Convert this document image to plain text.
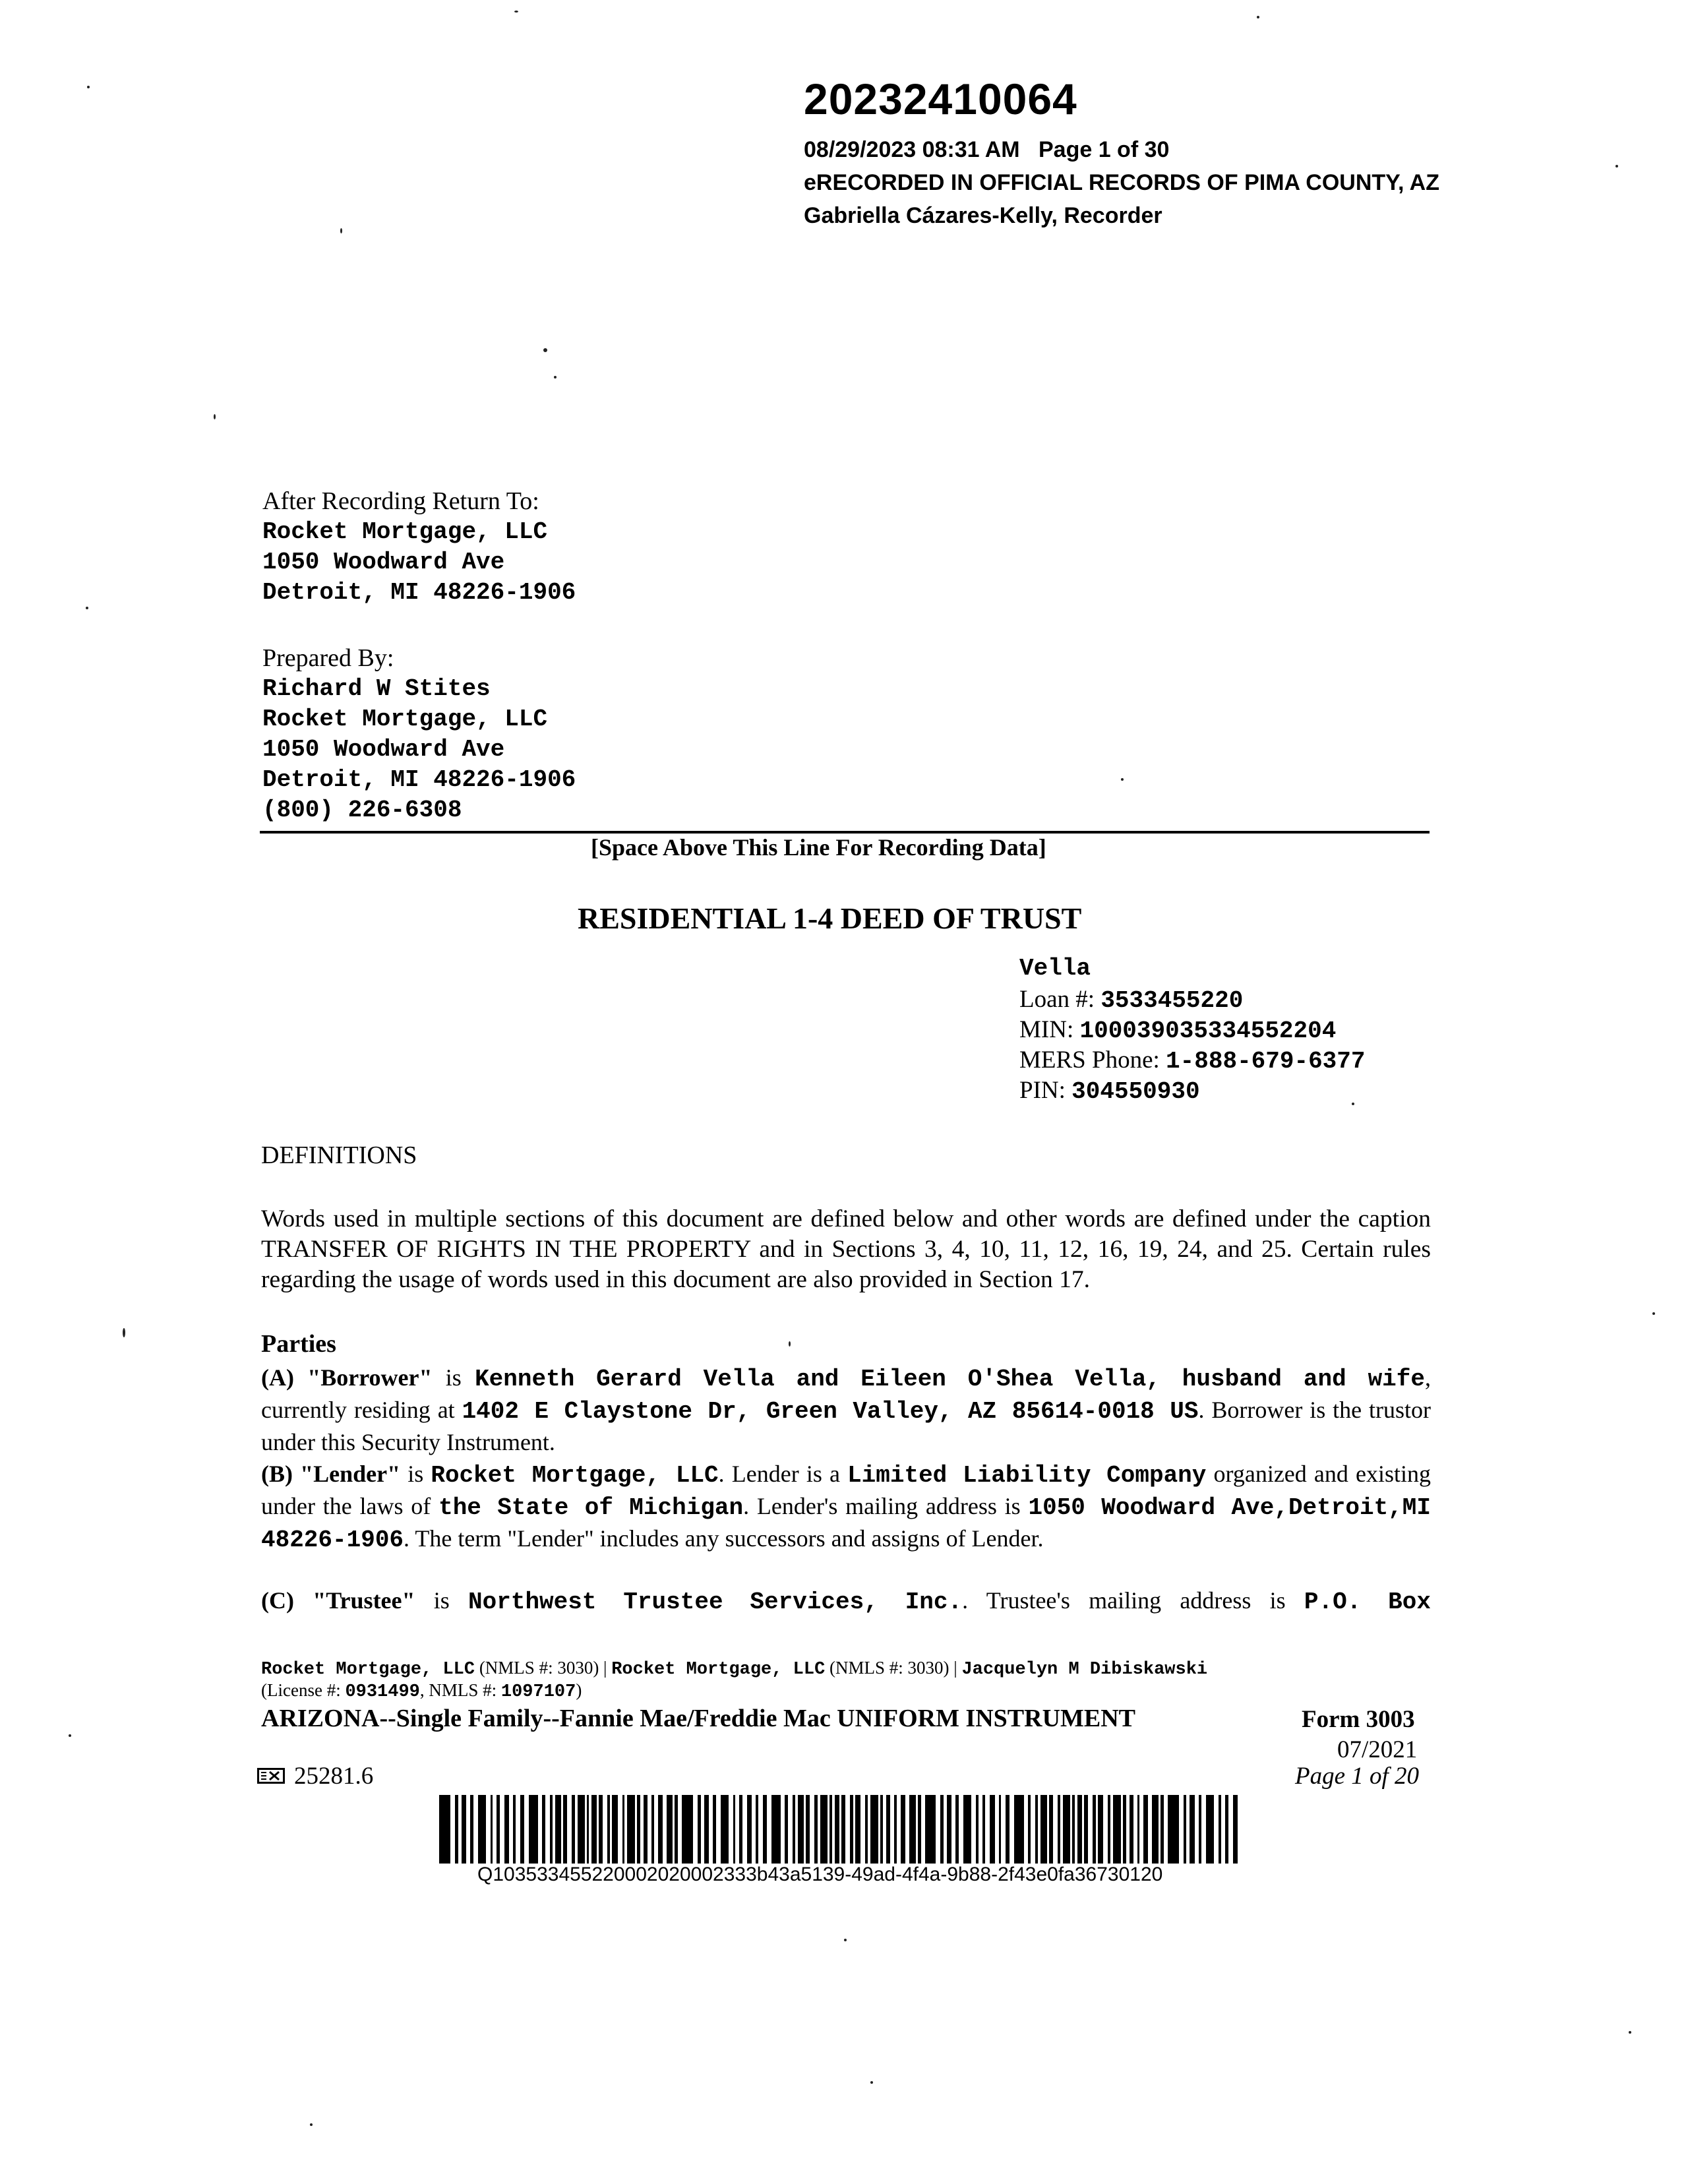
20232410064
08/29/2023 08:31 AM Page 1 of 30
eRECORDED IN OFFICIAL RECORDS OF PIMA COUNTY, AZ
Gabriella Cázares-Kelly, Recorder
After Recording Return To:
Rocket Mortgage, LLC
1050 Woodward Ave
Detroit, MI 48226-1906
Prepared By:
Richard W Stites
Rocket Mortgage, LLC
1050 Woodward Ave
Detroit, MI 48226-1906
(800) 226-6308
[Space Above This Line For Recording Data]
RESIDENTIAL 1-4 DEED OF TRUST
Vella
Loan #: 3533455220
MIN: 100039035334552204
MERS Phone: 1-888-679-6377
PIN: 304550930
DEFINITIONS
Words used in multiple sections of this document are defined below and other words are defined under the caption TRANSFER OF RIGHTS IN THE PROPERTY and in Sections 3, 4, 10, 11, 12, 16, 19, 24, and 25. Certain rules regarding the usage of words used in this document are also provided in Section 17.
Parties
(A) "Borrower" is Kenneth Gerard Vella and Eileen O'Shea Vella, husband and wife, currently residing at 1402 E Claystone Dr, Green Valley, AZ 85614-0018 US. Borrower is the trustor under this Security Instrument.
(B) "Lender" is Rocket Mortgage, LLC. Lender is a Limited Liability Company organized and existing under the laws of the State of Michigan. Lender's mailing address is 1050 Woodward Ave,Detroit,MI 48226-1906. The term "Lender" includes any successors and assigns of Lender.
(C) "Trustee" is Northwest Trustee Services, Inc.. Trustee's mailing address is P.O. Box
Rocket Mortgage, LLC (NMLS #: 3030) | Rocket Mortgage, LLC (NMLS #: 3030) | Jacquelyn M Dibiskawski
(License #: 0931499, NMLS #: 1097107)
ARIZONA--Single Family--Fannie Mae/Freddie Mac UNIFORM INSTRUMENT	Form 3003
07/2021
Page 1 of 20
25281.6
Q103533455220002020002333b43a5139-49ad-4f4a-9b88-2f43e0fa36730120
